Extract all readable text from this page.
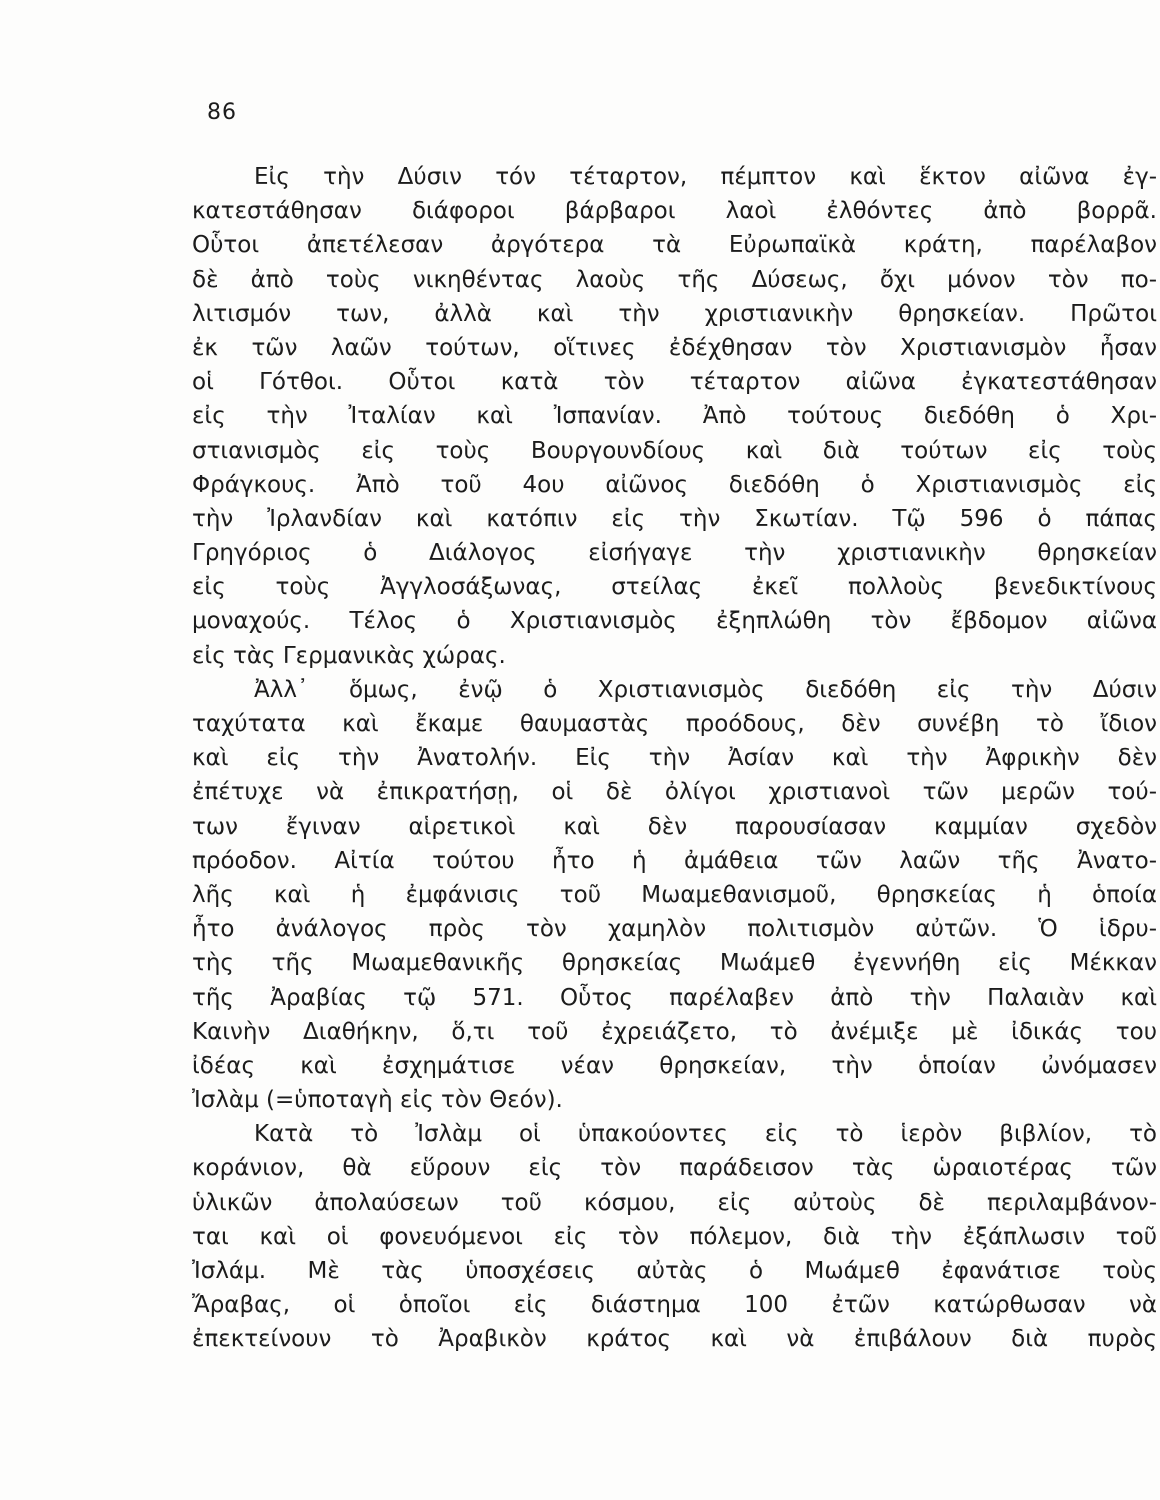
86
Εἰς τὴν Δύσιν τόν τέταρτον, πέμπτον καὶ ἕκτον αἰῶνα ἐγ-
κατεστάθησαν διάφοροι βάρβαροι λαοὶ ἐλθόντες ἀπὸ βορρᾶ.
Οὗτοι ἀπετέλεσαν ἀργότερα τὰ Εὐρωπαϊκὰ κράτη, παρέλαβον
δὲ ἀπὸ τοὺς νικηθέντας λαοὺς τῆς Δύσεως, ὄχι μόνον τὸν πο-
λιτισμόν των, ἀλλὰ καὶ τὴν χριστιανικὴν θρησκείαν. Πρῶτοι
ἐκ τῶν λαῶν τούτων, οἵτινες ἐδέχθησαν τὸν Χριστιανισμὸν ἦσαν
οἱ Γότθοι. Οὗτοι κατὰ τὸν τέταρτον αἰῶνα ἐγκατεστάθησαν
εἰς τὴν Ἰταλίαν καὶ Ἰσπανίαν. Ἀπὸ τούτους διεδόθη ὁ Χρι-
στιανισμὸς εἰς τοὺς Βουργουνδίους καὶ διὰ τούτων εἰς τοὺς
Φράγκους. Ἀπὸ τοῦ 4ου αἰῶνος διεδόθη ὁ Χριστιανισμὸς εἰς
τὴν Ἰρλανδίαν καὶ κατόπιν εἰς τὴν Σκωτίαν. Τῷ 596 ὁ πάπας
Γρηγόριος ὁ Διάλογος εἰσήγαγε τὴν χριστιανικὴν θρησκείαν
εἰς τοὺς Ἀγγλοσάξωνας, στείλας ἐκεῖ πολλοὺς βενεδικτίνους
μοναχούς. Τέλος ὁ Χριστιανισμὸς ἐξηπλώθη τὸν ἔβδομον αἰῶνα
εἰς τὰς Γερμανικὰς χώρας.
Ἀλλ᾽ ὅμως, ἐνῷ ὁ Χριστιανισμὸς διεδόθη εἰς τὴν Δύσιν
ταχύτατα καὶ ἔκαμε θαυμαστὰς προόδους, δὲν συνέβη τὸ ἴδιον
καὶ εἰς τὴν Ἀνατολήν. Εἰς τὴν Ἀσίαν καὶ τὴν Ἀφρικὴν δὲν
ἐπέτυχε νὰ ἐπικρατήσῃ, οἱ δὲ ὀλίγοι χριστιανοὶ τῶν μερῶν τού-
των ἔγιναν αἱρετικοὶ καὶ δὲν παρουσίασαν καμμίαν σχεδὸν
πρόοδον. Αἰτία τούτου ἦτο ἡ ἀμάθεια τῶν λαῶν τῆς Ἀνατο-
λῆς καὶ ἡ ἐμφάνισις τοῦ Μωαμεθανισμοῦ, θρησκείας ἡ ὁποία
ἦτο ἀνάλογος πρὸς τὸν χαμηλὸν πολιτισμὸν αὐτῶν. Ὁ ἱδρυ-
τὴς τῆς Μωαμεθανικῆς θρησκείας Μωάμεθ ἐγεννήθη εἰς Μέκκαν
τῆς Ἀραβίας τῷ 571. Οὗτος παρέλαβεν ἀπὸ τὴν Παλαιὰν καὶ
Καινὴν Διαθήκην, ὅ,τι τοῦ ἐχρειάζετο, τὸ ἀνέμιξε μὲ ἰδικάς του
ἰδέας καὶ ἐσχημάτισε νέαν θρησκείαν, τὴν ὁποίαν ὠνόμασεν
Ἰσλὰμ (=ὑποταγὴ εἰς τὸν Θεόν).
Κατὰ τὸ Ἰσλὰμ οἱ ὑπακούοντες εἰς τὸ ἱερὸν βιβλίον, τὸ
κοράνιον, θὰ εὕρουν εἰς τὸν παράδεισον τὰς ὡραιοτέρας τῶν
ὑλικῶν ἀπολαύσεων τοῦ κόσμου, εἰς αὐτοὺς δὲ περιλαμβάνον-
ται καὶ οἱ φονευόμενοι εἰς τὸν πόλεμον, διὰ τὴν ἐξάπλωσιν τοῦ
Ἰσλάμ. Μὲ τὰς ὑποσχέσεις αὐτὰς ὁ Μωάμεθ ἐφανάτισε τοὺς
Ἄραβας, οἱ ὁποῖοι εἰς διάστημα 100 ἐτῶν κατώρθωσαν νὰ
ἐπεκτείνουν τὸ Ἀραβικὸν κράτος καὶ νὰ ἐπιβάλουν διὰ πυρὸς
